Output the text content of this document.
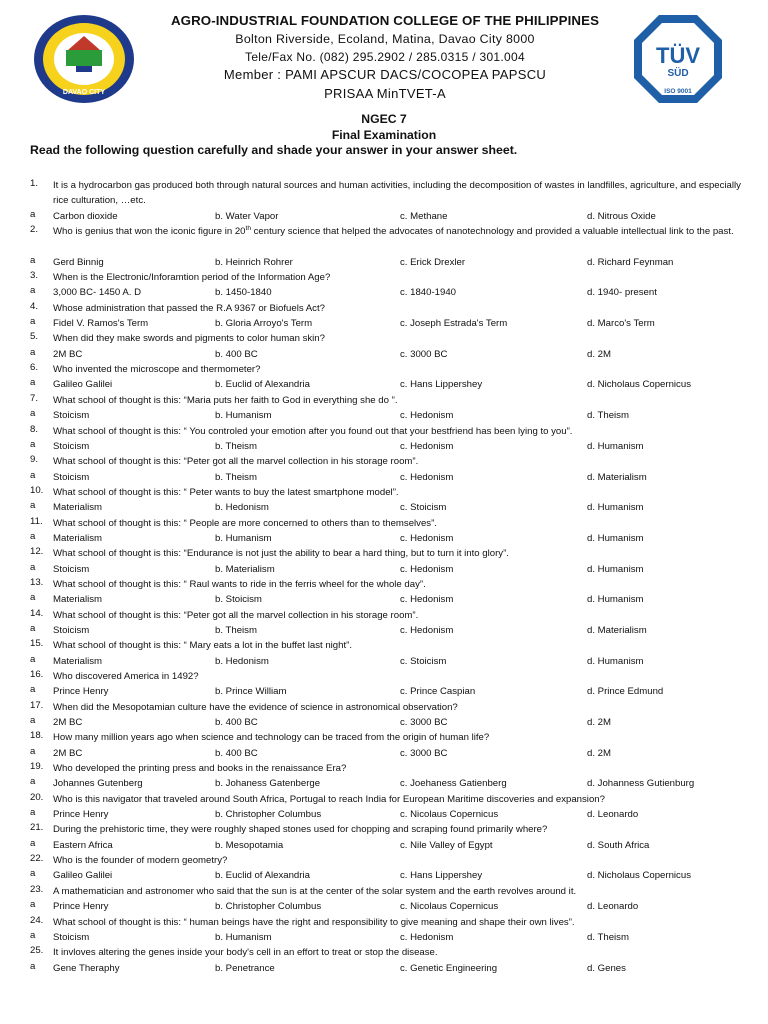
DAVAO CITY
AGRO-INDUSTRIAL FOUNDATION COLLEGE OF THE PHILIPPINES
Bolton Riverside, Ecoland, Matina, Davao City 8000
Tele/Fax No. (082) 295.2902 / 285.0315 / 301.004
Member : PAMI APSCUR DACS/COCOPEA PAPSCU
PRISAA MinTVET-A
TÜV
SÜD
ISO 9001
NGEC 7
Final Examination
Read the following question carefully and shade your answer in your answer sheet.
1. It is a hydrocarbon gas produced both through natural sources and human activities, including the decomposition of wastes in landfilles, agriculture, and especially rice culturation, …etc.
a Carbon dioxide	b. Water Vapor	c. Methane	d. Nitrous Oxide
2. Who is genius that won the iconic figure in 20th century science that helped the advocates of nanotechnology and provided a valuable intellectual link to the past.
a Gerd Binnig	b. Heinrich Rohrer	c. Erick Drexler	d. Richard Feynman
3. When is the Electronic/Inforamtion period of the Information Age?
a 3,000 BC- 1450 A. D	b. 1450-1840	c. 1840-1940	d. 1940- present
4. Whose administration that passed the R.A 9367 or Biofuels Act?
a Fidel V. Ramos's Term	b. Gloria Arroyo's Term	c. Joseph Estrada's Term	d. Marco's Term
5. When did they make swords and pigments to color human skin?
a 2M BC	b. 400 BC	c. 3000 BC	d. 2M
6. Who invented the microscope and thermometer?
a Galileo Galilei	b. Euclid of Alexandria	c. Hans Lippershey	d. Nicholaus Copernicus
7. What school of thought is this: “Maria puts her faith to God in everything she do ”.
a Stoicism	b. Humanism	c. Hedonism	d. Theism
8. What school of thought is this: “ You controled your emotion after you found out that your bestfriend has been lying to you”.
a Stoicism	b. Theism	c. Hedonism	d. Humanism
9. What school of thought is this: “Peter got all the marvel collection in his storage room”.
a Stoicism	b. Theism	c. Hedonism	d. Materialism
10. What school of thought is this: “ Peter wants to buy the latest smartphone model”.
a Materialism	b. Hedonism	c. Stoicism	d. Humanism
11. What school of thought is this: “ People are more concerned to others than to themselves”.
a Materialism	b. Humanism	c. Hedonism	d. Humanism
12. What school of thought is this: “Endurance is not just the ability to bear a hard thing, but to turn it into glory”.
a Stoicism	b. Materialism	c. Hedonism	d. Humanism
13. What school of thought is this: “ Raul wants to ride in the ferris wheel for the whole day”.
a Materialism	b. Stoicism	c. Hedonism	d. Humanism
14. What school of thought is this: “Peter got all the marvel collection in his storage room”.
a Stoicism	b. Theism	c. Hedonism	d. Materialism
15. What school of thought is this: “ Mary eats a lot in the buffet last night”.
a Materialism	b. Hedonism	c. Stoicism	d. Humanism
16. Who discovered America in 1492?
a Prince Henry	b. Prince William	c. Prince Caspian	d. Prince Edmund
17. When did the Mesopotamian culture have the evidence of science in astronomical observation?
a 2M BC	b. 400 BC	c. 3000 BC	d. 2M
18. How many million years ago when science and technology can be traced from the origin of human life?
a 2M BC	b. 400 BC	c. 3000 BC	d. 2M
19. Who developed the printing press and books in the renaissance Era?
a Johannes Gutenberg	b. Johaness Gatenberge	c. Joehaness Gatienberg	d. Johanness Gutienburg
20. Who is this navigator that traveled around South Africa, Portugal to reach India for European Maritime discoveries and expansion?
a Prince Henry	b. Christopher Columbus	c. Nicolaus Copernicus	d. Leonardo
21. During the prehistoric time, they were roughly shaped stones used for chopping and scraping found primarily where?
a Eastern Africa	b. Mesopotamia	c. Nile Valley of Egypt	d. South Africa
22. Who is the founder of modern geometry?
a Galileo Galilei	b. Euclid of Alexandria	c. Hans Lippershey	d. Nicholaus Copernicus
23. A mathematician and astronomer who said that the sun is at the center of the solar system and the earth revolves around it.
a Prince Henry	b. Christopher Columbus	c. Nicolaus Copernicus	d. Leonardo
24. What school of thought is this: “ human beings have the right and responsibility to give meaning and shape their own lives”.
a Stoicism	b. Humanism	c. Hedonism	d. Theism
25. It invloves altering the genes inside your body's cell in an effort to treat or stop the disease.
a Gene Theraphy	b. Penetrance	c. Genetic Engineering	d. Genes
